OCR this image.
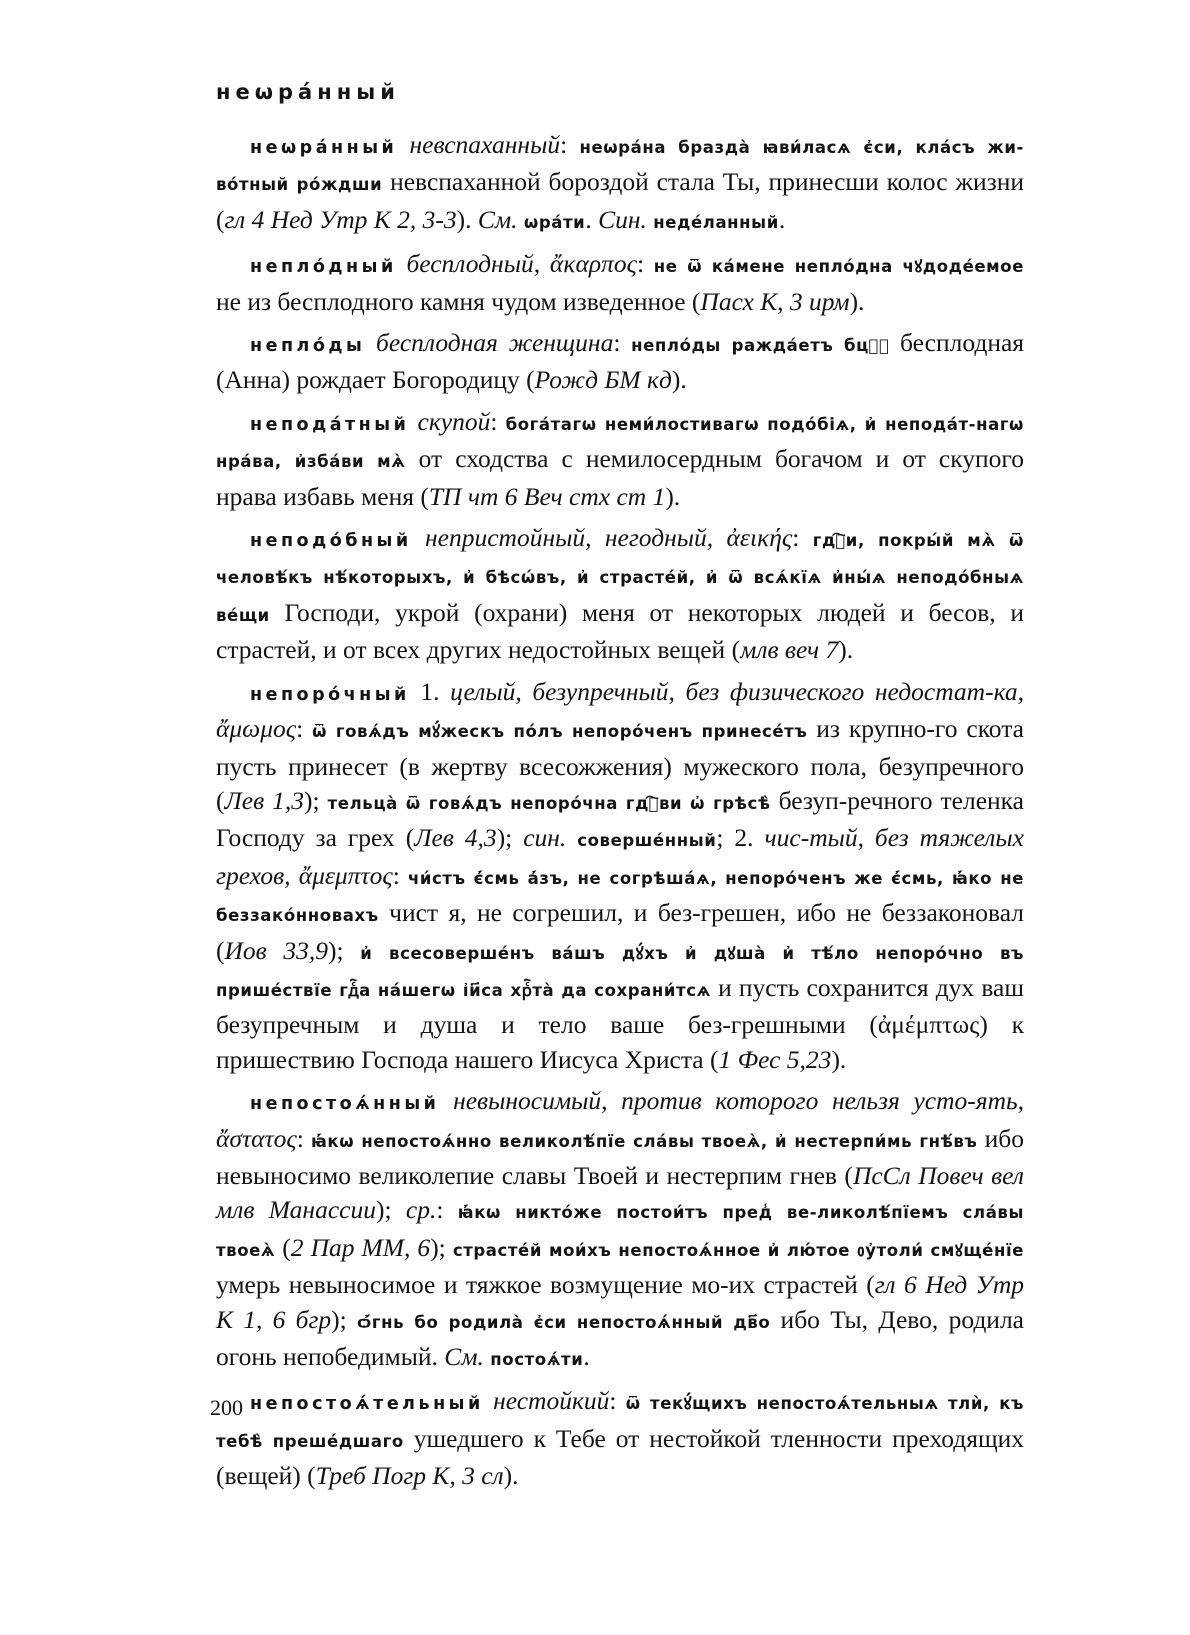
неѡра́нный

неѡра́нный невспаханный: неѡра́на бразда̀ ꙗви́ласѧ є҆си, кла́съ жи-во́тный ро́ждши невспаханной бороздой стала Ты, принесши колос жизни (гл 4 Нед Утр К 2, 3-3). См. ѡра́ти. Син. неде́ланный.

непло́дный бесплодный, ἄκαρπος: не ѿ ка́мене непло́дна чꙋдоде́емое не из бесплодного камня чудом изведенное (Пасх К, 3 ирм).

непло́ды бесплодная женщина: непло́ды ражда́етъ бцⷣꙋ бесплодная (Анна) рождает Богородицу (Рожд БМ кд).

непода́тный скупой: бога́тагѡ неми́лостивагѡ подо́біѧ, и҆ непода́т-нагѡ нра́ва, и҆зба́ви мѧ̀ от сходства с немилосердным богачом и от скупого нрава избавь меня (ТП чт 6 Веч стх ст 1).

неподо́бный непристойный, негодный, ἀεικής: гдⷭ҇и, покры́й мѧ̀ ѿ человѣ́къ нѣ́которыхъ, и҆ бѣсѡ́въ, и҆ страсте́й, и҆ ѿ всѧ́кїѧ и҆ны́ѧ неподо́бныѧ ве́щи Господи, укрой (охрани) меня от некоторых людей и бесов, и страстей, и от всех других недостойных вещей (млв веч 7).

непоро́чный 1. целый, безупречный, без физического недостат-ка, ἄμωμος: ѿ говѧ́дъ мꙋ́жескъ по́лъ непоро́ченъ принесе́тъ из крупно-го скота пусть принесет (в жертву всесожжения) мужеского пола, безупречного (Лев 1,3); тельца̀ ѿ говѧ́дъ непоро́чна гдⷭ҇ви ѡ҆ грѣсѣ̀ безуп-речного теленка Господу за грех (Лев 4,3); син. соверше́нный; 2. чис-тый, без тяжелых грехов, ἄμεμπτος: чи́стъ є҆́смь а҆́зъ, не согрѣша́ѧ, непоро́ченъ же є҆́смь, ꙗ҆́ко не беззако́нновахъ чист я, не согрешил, и без-грешен, ибо не беззаконовал (Иов 33,9); и҆ всесоверше́нъ ва́шъ дꙋ́хъ и҆ дꙋша̀ и҆ тѣ́ло непоро́чно въ прише́ствїе гдⷭ҇а на́шегѡ і҆и҃са хрⷭ҇та̀ да сохрани́тсѧ и пусть сохранится дух ваш безупречным и душа и тело ваше без-грешными (ἀμέμπτως) к пришествию Господа нашего Иисуса Христа (1 Фес 5,23).

непостоѧ́нный невыносимый, против которого нельзя усто-ять, ἄστατος: ꙗ҆́кѡ непостоѧ́нно великолѣ́пїе сла́вы твоеѧ̀, и҆ нестерпи́мь гнѣ́въ ибо невыносимо великолепие славы Твоей и нестерпим гнев (ПсСл Повеч вел млв Манассии); ср.: ꙗ҆́кѡ никто́же постои́тъ пред̾ ве-ликолѣ́пїемъ сла́вы твоеѧ̀ (2 Пар ММ, 6); страсте́й мои́хъ непостоѧ́нное и҆ лю́тое ᲂу҆толи́ смꙋще́нїе умерь невыносимое и тяжкое возмущение мо-их страстей (гл 6 Нед Утр К 1, 6 бгр); ѻ҆́гнь бо родила̀ є҆си непостоѧ́нный дв҃о ибо Ты, Дево, родила огонь непобедимый. См. постоѧ́ти.

непостоѧ́тельный нестойкий: ѿ текꙋ́щихъ непостоѧ́тельныѧ тлѝ, къ тебѣ̀ преше́дшаго ушедшего к Тебе от нестойкой тленности преходящих (вещей) (Треб Погр К, 3 сл).

200
